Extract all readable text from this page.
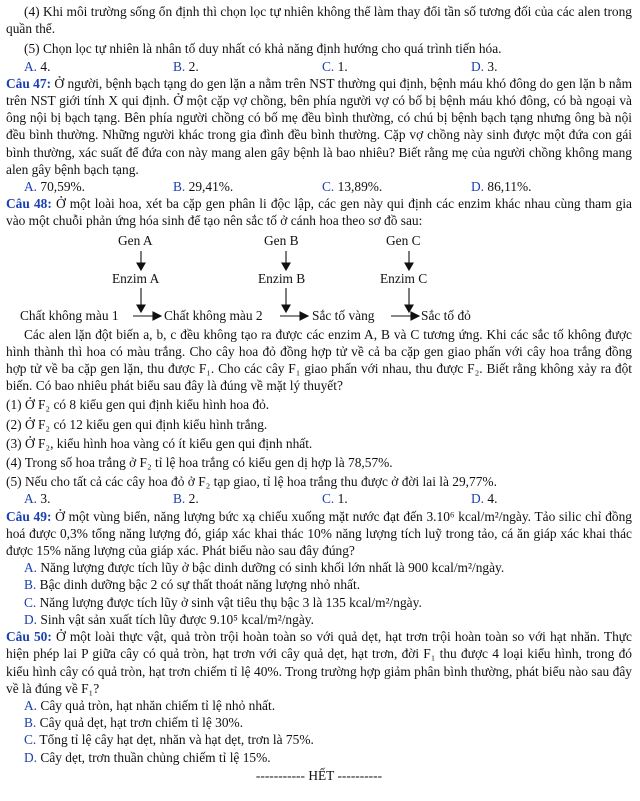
(4) Khi môi trường sống ổn định thì chọn lọc tự nhiên không thể làm thay đổi tần số tương đối của các alen trong quần thể.

(5) Chọn lọc tự nhiên là nhân tố duy nhất có khả năng định hướng cho quá trình tiến hóa.

A. 4.	B. 2.	C. 1.	D. 3.

Câu 47: Ở người, bệnh bạch tạng do gen lặn a nằm trên NST thường qui định, bệnh máu khó đông do gen lặn b nằm trên NST giới tính X qui định. Ở một cặp vợ chồng, bên phía người vợ có bố bị bệnh máu khó đông, có bà ngoại và ông nội bị bạch tạng. Bên phía người chồng có bố mẹ đều bình thường, có chú bị bệnh bạch tạng nhưng ông bà nội đều bình thường. Những người khác trong gia đình đều bình thường. Cặp vợ chồng này sinh được một đứa con gái bình thường, xác suất để đứa con này mang alen gây bệnh là bao nhiêu? Biết rằng mẹ của người chồng không mang alen gây bệnh bạch tạng.

A. 70,59%.	B. 29,41%.	C. 13,89%.	D. 86,11%.

Câu 48: Ở một loài hoa, xét ba cặp gen phân li độc lập, các gen này qui định các enzim khác nhau cùng tham gia vào một chuỗi phản ứng hóa sinh để tạo nên sắc tố ở cánh hoa theo sơ đồ sau:

Gen A	Gen B	Gen C
Enzim A	Enzim B	Enzim C
Chất không màu 1	Chất không màu 2	Sắc tố vàng	Sắc tố đỏ

Các alen lặn đột biến a, b, c đều không tạo ra được các enzim A, B và C tương ứng. Khi các sắc tố không được hình thành thì hoa có màu trắng. Cho cây hoa đỏ đồng hợp tử về cả ba cặp gen giao phấn với cây hoa trắng đồng hợp tử về ba cặp gen lặn, thu được F₁. Cho các cây F₁ giao phấn với nhau, thu được F₂. Biết rằng không xảy ra đột biến. Có bao nhiêu phát biểu sau đây là đúng về mặt lý thuyết?

(1) Ở F₂ có 8 kiểu gen qui định kiểu hình hoa đỏ.

(2) Ở F₂ có 12 kiểu gen qui định kiểu hình trắng.

(3) Ở F₂, kiểu hình hoa vàng có ít kiểu gen qui định nhất.

(4) Trong số hoa trắng ở F₂ tỉ lệ hoa trắng có kiểu gen dị hợp là 78,57%.

(5) Nếu cho tất cả các cây hoa đỏ ở F₂ tạp giao, tỉ lệ hoa trắng thu được ở đời lai là 29,77%.

A. 3.	B. 2.	C. 1.	D. 4.

Câu 49: Ở một vùng biển, năng lượng bức xạ chiếu xuống mặt nước đạt đến 3.10⁶ kcal/m²/ngày. Tảo silic chỉ đồng hoá được 0,3% tổng năng lượng đó, giáp xác khai thác 10% năng lượng tích luỹ trong tảo, cá ăn giáp xác khai thác được 15% năng lượng của giáp xác. Phát biểu nào sau đây đúng?

A. Năng lượng được tích lũy ở bậc dinh dưỡng có sinh khối lớn nhất là 900 kcal/m²/ngày.

B. Bậc dinh dưỡng bậc 2 có sự thất thoát năng lượng nhỏ nhất.

C. Năng lượng được tích lũy ở sinh vật tiêu thụ bậc 3 là 135 kcal/m²/ngày.

D. Sinh vật sản xuất tích lũy được 9.10⁵ kcal/m²/ngày.

Câu 50: Ở một loài thực vật, quả tròn trội hoàn toàn so với quả dẹt, hạt trơn trội hoàn toàn so với hạt nhăn. Thực hiện phép lai P giữa cây có quả tròn, hạt trơn với cây quả dẹt, hạt trơn, đời F₁ thu được 4 loại kiểu hình, trong đó kiểu hình cây có quả tròn, hạt trơn chiếm tỉ lệ 40%. Trong trường hợp giảm phân bình thường, phát biểu nào sau đây về là đúng về F₁?

A. Cây quả tròn, hạt nhăn chiếm tỉ lệ nhỏ nhất.

B. Cây quả dẹt, hạt trơn chiếm tỉ lệ 30%.

C. Tổng tỉ lệ cây hạt dẹt, nhăn và hạt dẹt, trơn là 75%.

D. Cây dẹt, trơn thuần chủng chiếm tỉ lệ 15%.

----------- HẾT ----------
